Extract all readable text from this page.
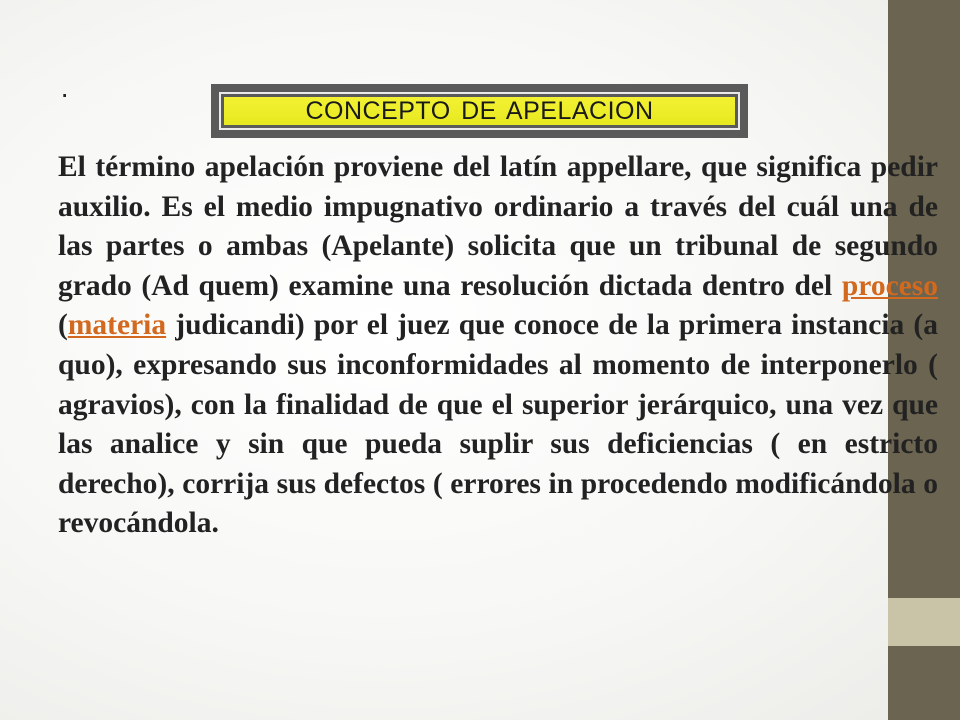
·
CONCEPTO DE APELACION

El término apelación proviene del latín appellare, que significa pedir auxilio. Es el medio impugnativo ordinario a través del cuál una de las partes o ambas (Apelante) solicita que un tribunal de segundo grado (Ad quem) examine una resolución dictada dentro del proceso (materia judicandi) por el juez que conoce de la primera instancia (a quo), expresando sus inconformidades al momento de interponerlo ( agravios), con la finalidad de que el superior jerárquico, una vez que las analice y sin que pueda suplir sus deficiencias ( en estricto derecho), corrija sus defectos ( errores in procedendo modificándola o revocándola.
